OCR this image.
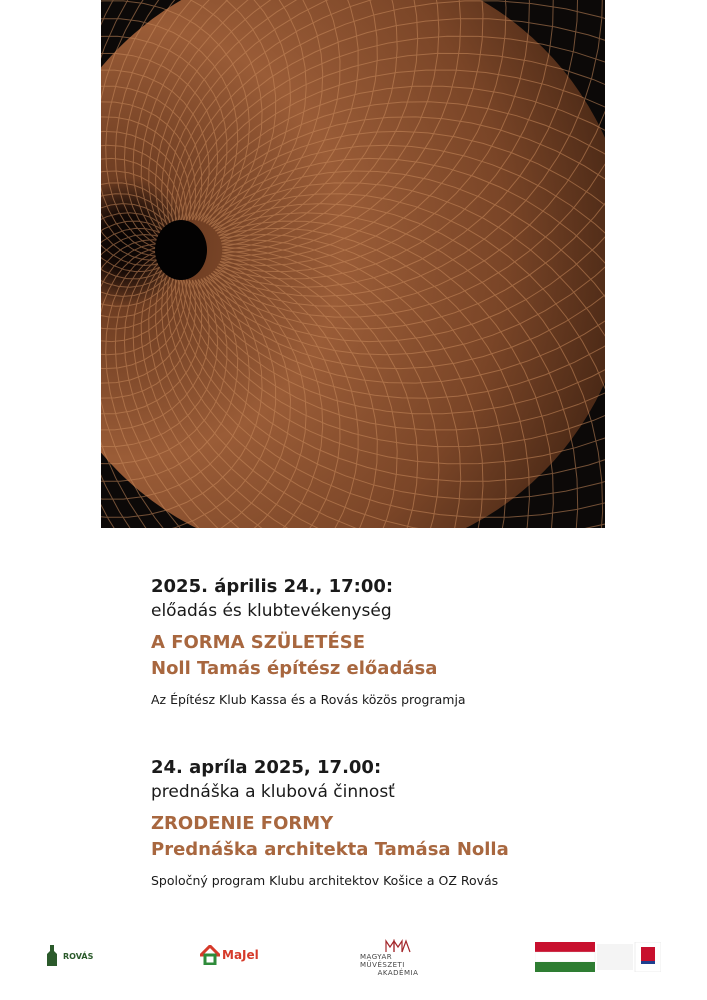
2025. április 24., 17:00:

előadás és klubtevékenység

A FORMA SZÜLETÉSE

Noll Tamás építész előadása

Az Építész Klub Kassa és a Rovás közös programja

24. apríla 2025, 17.00:

prednáška a klubová činnosť

ZRODENIE FORMY

Prednáška architekta Tamása Nolla

Spoločný program Klubu architektov Košice a OZ Rovás
ROVÁS	MaJel	MAGYAR MŰVÉSZETI
AKADÉMIA
